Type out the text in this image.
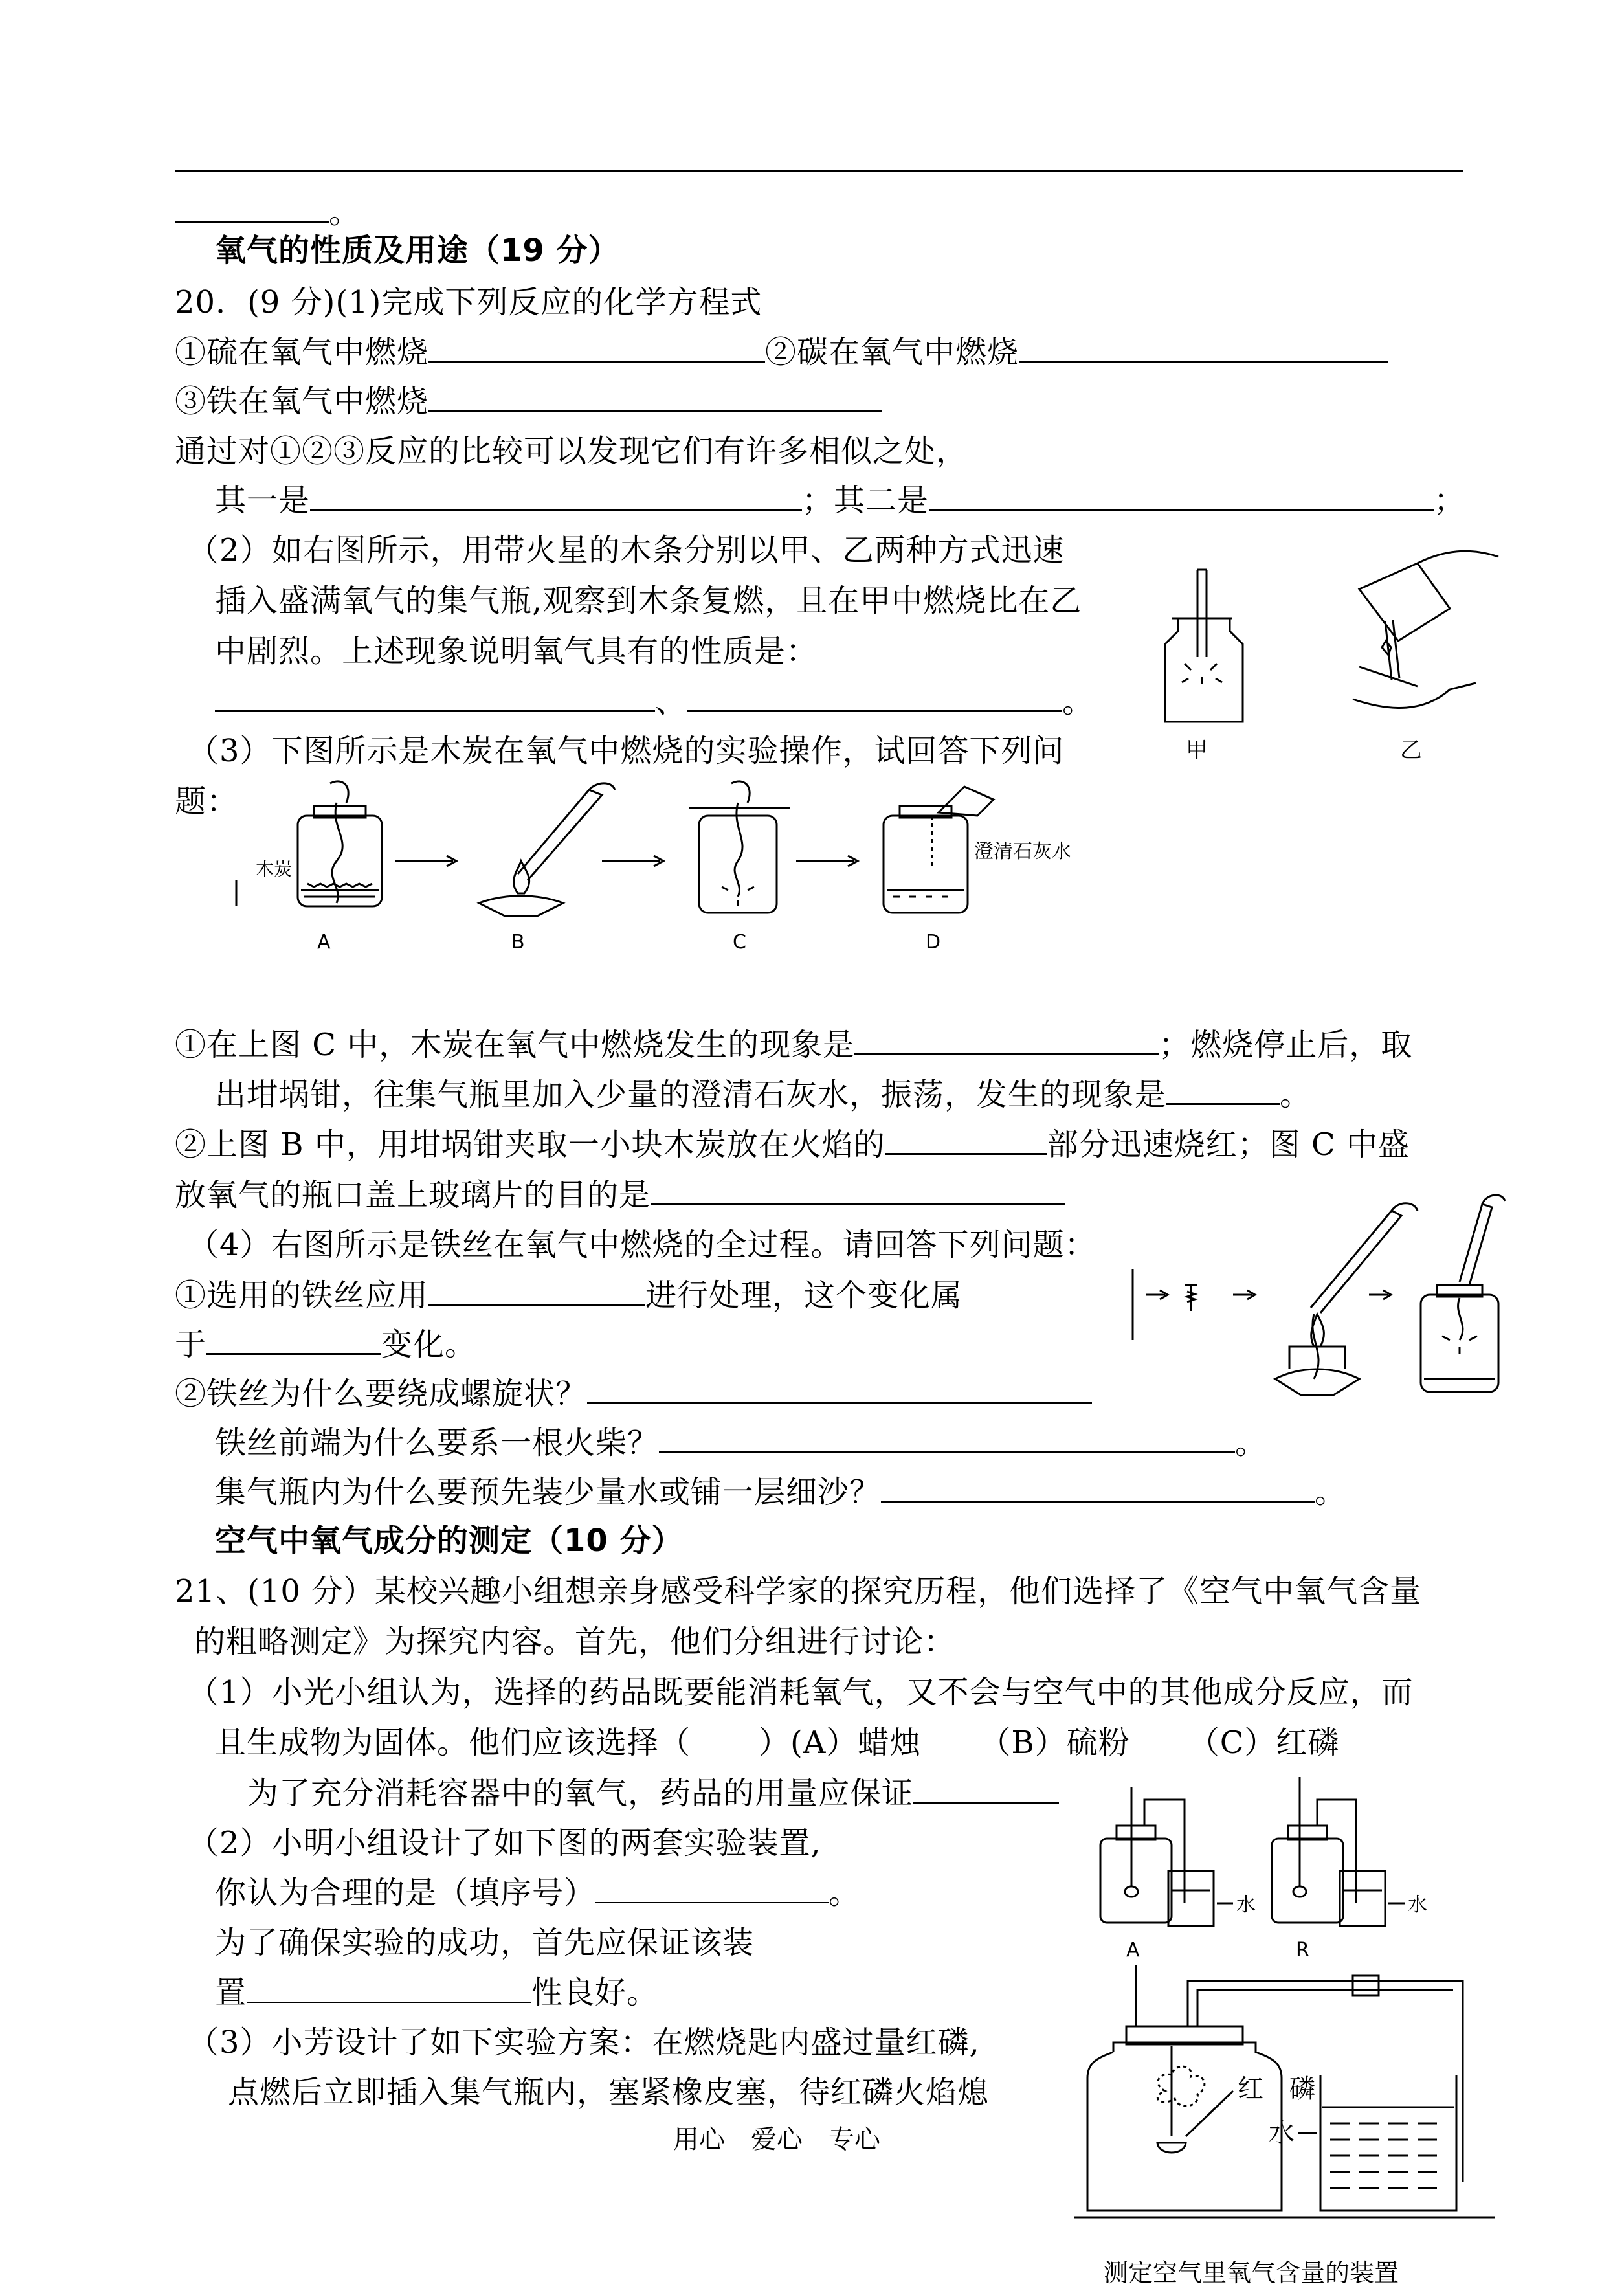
。
氧气的性质及用途（19 分）
20．(9 分)(1)完成下列反应的化学方程式
①硫在氧气中燃烧	②碳在氧气中燃烧
③铁在氧气中燃烧
通过对①②③反应的比较可以发现它们有许多相似之处，
其一是	；其二是	；
（2）如右图所示，用带火星的木条分别以甲、乙两种方式迅速
插入盛满氧气的集气瓶,观察到木条复燃，且在甲中燃烧比在乙
中剧烈。上述现象说明氧气具有的性质是：
、	。
甲	乙
（3）下图所示是木炭在氧气中燃烧的实验操作，试回答下列问
题：
木炭
澄清石灰水
A	B	C	D
①在上图 C 中，木炭在氧气中燃烧发生的现象是	；燃烧停止后，取
出坩埚钳，往集气瓶里加入少量的澄清石灰水，振荡，发生的现象是	。
②上图 B 中，用坩埚钳夹取一小块木炭放在火焰的	部分迅速烧红；图 C 中盛
放氧气的瓶口盖上玻璃片的目的是
（4）右图所示是铁丝在氧气中燃烧的全过程。请回答下列问题：
①选用的铁丝应用	进行处理，这个变化属
于	变化。
②铁丝为什么要绕成螺旋状？
铁丝前端为什么要系一根火柴？	。
集气瓶内为什么要预先装少量水或铺一层细沙？	。
空气中氧气成分的测定（10 分）
21、(10 分）某校兴趣小组想亲身感受科学家的探究历程，他们选择了《空气中氧气含量
的粗略测定》为探究内容。首先，他们分组进行讨论：
（1）小光小组认为，选择的药品既要能消耗氧气，又不会与空气中的其他成分反应，而
且生成物为固体。他们应该选择（ ）(A）蜡烛 （B）硫粉 （C）红磷
为了充分消耗容器中的氧气，药品的用量应保证
（2）小明小组设计了如下图的两套实验装置,
你认为合理的是（填序号）	。
为了确保实验的成功，首先应保证该装
置	性良好。
水
A
水
R
（3）小芳设计了如下实验方案：在燃烧匙内盛过量红磷,
点燃后立即插入集气瓶内，塞紧橡皮塞，待红磷火焰熄	红　磷
水
测定空气里氧气含量的装置
用心　爱心　专心
